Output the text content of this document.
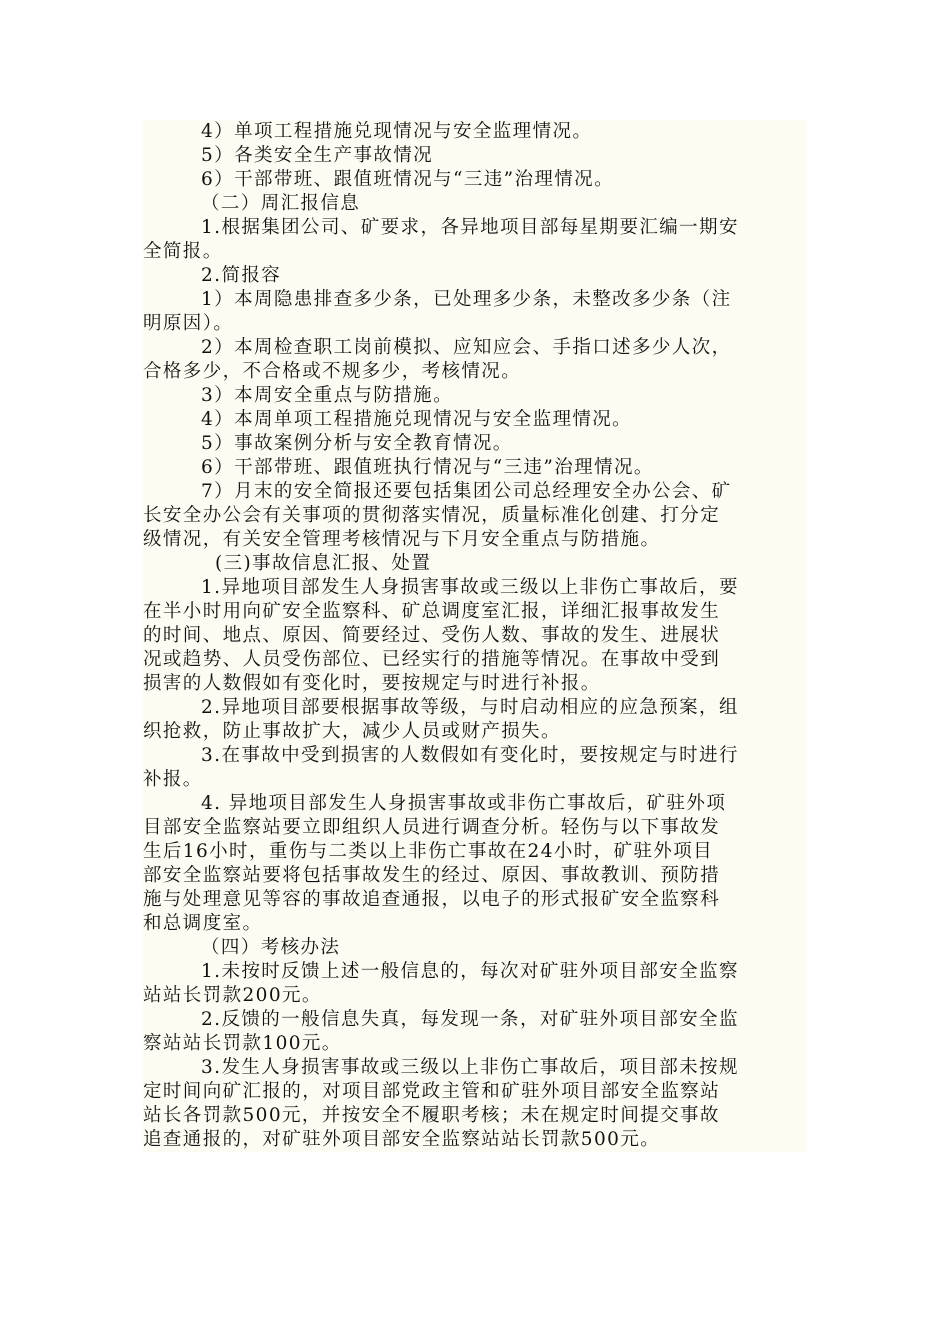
4）单项工程措施兑现情况与安全监理情况。
5）各类安全生产事故情况
6）干部带班、跟值班情况与“三违”治理情况。
（二）周汇报信息
1.根据集团公司、矿要求，各异地项目部每星期要汇编一期安
全简报。
2.简报容
1）本周隐患排查多少条，已处理多少条，未整改多少条（注
明原因）。
2）本周检查职工岗前模拟、应知应会、手指口述多少人次，
合格多少，不合格或不规多少，考核情况。
3）本周安全重点与防措施。
4）本周单项工程措施兑现情况与安全监理情况。
5）事故案例分析与安全教育情况。
6）干部带班、跟值班执行情况与“三违”治理情况。
7）月末的安全简报还要包括集团公司总经理安全办公会、矿
长安全办公会有关事项的贯彻落实情况，质量标准化创建、打分定
级情况，有关安全管理考核情况与下月安全重点与防措施。
(三)事故信息汇报、处置
1.异地项目部发生人身损害事故或三级以上非伤亡事故后，要
在半小时用向矿安全监察科、矿总调度室汇报，详细汇报事故发生
的时间、地点、原因、简要经过、受伤人数、事故的发生、进展状
况或趋势、人员受伤部位、已经实行的措施等情况。在事故中受到
损害的人数假如有变化时，要按规定与时进行补报。
2.异地项目部要根据事故等级，与时启动相应的应急预案，组
织抢救，防止事故扩大，减少人员或财产损失。
3.在事故中受到损害的人数假如有变化时，要按规定与时进行
补报。
4. 异地项目部发生人身损害事故或非伤亡事故后，矿驻外项
目部安全监察站要立即组织人员进行调查分析。轻伤与以下事故发
生后16小时，重伤与二类以上非伤亡事故在24小时，矿驻外项目
部安全监察站要将包括事故发生的经过、原因、事故教训、预防措
施与处理意见等容的事故追查通报，以电子的形式报矿安全监察科
和总调度室。
（四）考核办法
1.未按时反馈上述一般信息的，每次对矿驻外项目部安全监察
站站长罚款200元。
2.反馈的一般信息失真，每发现一条，对矿驻外项目部安全监
察站站长罚款100元。
3.发生人身损害事故或三级以上非伤亡事故后，项目部未按规
定时间向矿汇报的，对项目部党政主管和矿驻外项目部安全监察站
站长各罚款500元，并按安全不履职考核；未在规定时间提交事故
追查通报的，对矿驻外项目部安全监察站站长罚款500元。
